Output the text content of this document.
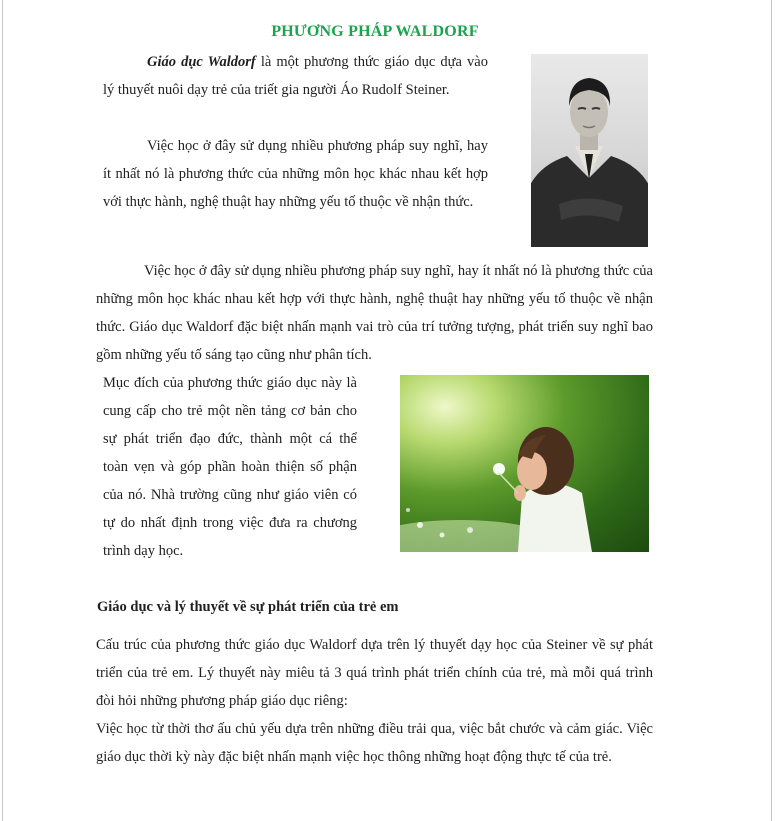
PHƯƠNG PHÁP WALDORF

Giáo dục Waldorf là một phương thức giáo dục dựa vào lý thuyết nuôi dạy trẻ của triết gia người Áo Rudolf Steiner.

Việc học ở đây sử dụng nhiều phương pháp suy nghĩ, hay ít nhất nó là phương thức của những môn học khác nhau kết hợp với thực hành, nghệ thuật hay những yếu tố thuộc về nhận thức.

Việc học ở đây sử dụng nhiều phương pháp suy nghĩ, hay ít nhất nó là phương thức của những môn học khác nhau kết hợp với thực hành, nghệ thuật hay những yếu tố thuộc về nhận thức. Giáo dục Waldorf đặc biệt nhấn mạnh vai trò của trí tưởng tượng, phát triển suy nghĩ bao gồm những yếu tố sáng tạo cũng như phân tích.

Mục đích của phương thức giáo dục này là cung cấp cho trẻ một nền tảng cơ bản cho sự phát triển đạo đức, thành một cá thể toàn vẹn và góp phần hoàn thiện số phận của nó. Nhà trường cũng như giáo viên có tự do nhất định trong việc đưa ra chương trình dạy học.

Giáo dục và lý thuyết về sự phát triển của trẻ em

Cấu trúc của phương thức giáo dục Waldorf dựa trên lý thuyết dạy học của Steiner về sự phát triển của trẻ em. Lý thuyết này miêu tả 3 quá trình phát triển chính của trẻ, mà mỗi quá trình đòi hỏi những phương pháp giáo dục riêng:

Việc học từ thời thơ ấu chủ yếu dựa trên những điều trải qua, việc bắt chước và cảm giác. Việc giáo dục thời kỳ này đặc biệt nhấn mạnh việc học thông những hoạt động thực tế của trẻ.
